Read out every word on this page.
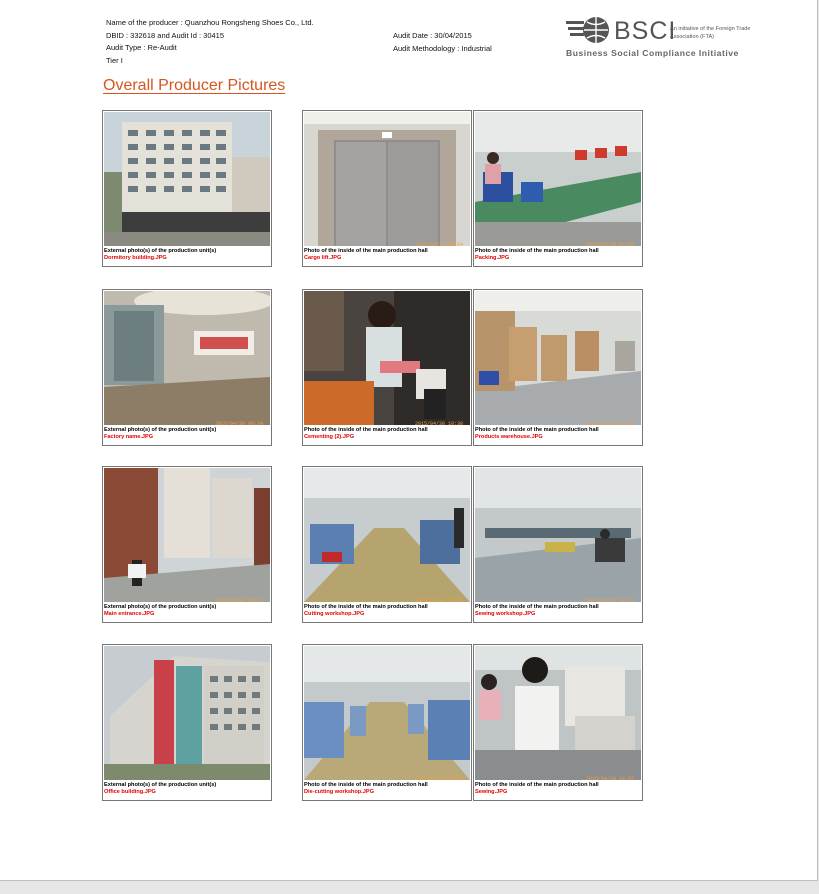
Name of the producer : Quanzhou Rongsheng Shoes Co., Ltd.
DBID : 332618 and Audit Id : 30415
Audit Type : Re-Audit
Tier I
Audit Date : 30/04/2015
Audit Methodology : Industrial
BSCI
An initiative of the Foreign Trade Association (FTA)
Business Social Compliance Initiative
Overall Producer Pictures
External photo(s) of the production unit(s)
Dormitory building.JPG
2015/04/30 09:54
Photo of the inside of the main production hall
Cargo lift.JPG
2015/04/30 09:55
Photo of the inside of the main production hall
Packing.JPG
2015/04/30 09:34
External photo(s) of the production unit(s)
Factory name.JPG
2015/04/30 10:30
Photo of the inside of the main production hall
Cementing (2).JPG
2015/04/30 09:48
Photo of the inside of the main production hall
Products warehouse.JPG
2015/04/30 09:14
External photo(s) of the production unit(s)
Main entrance.JPG
2015/04/30 10:05
Photo of the inside of the main production hall
Cutting workshop.JPG
2015/04/30 10:14
Photo of the inside of the main production hall
Sewing workshop.JPG
External photo(s) of the production unit(s)
Office building.JPG
2015/04/30 10:21
Photo of the inside of the main production hall
Die-cutting workshop.JPG
2015/04/30 10:02
Photo of the inside of the main production hall
Sewing.JPG
